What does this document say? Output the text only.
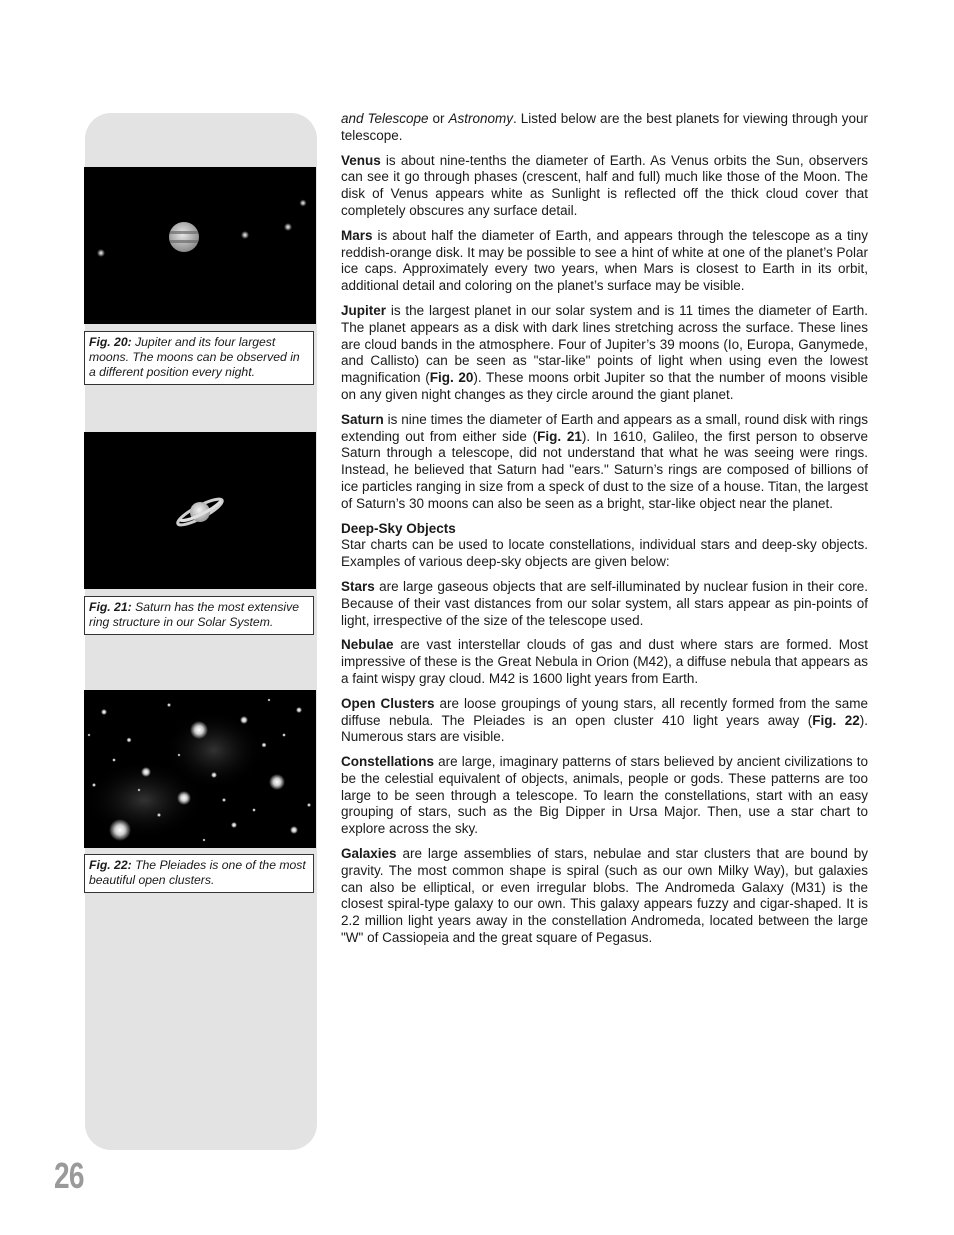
Fig. 20: Jupiter and its four largest moons. The moons can be observed in a different position every night.
Fig. 21: Saturn has the most extensive ring structure in our Solar System.
Fig. 22: The Pleiades is one of the most beautiful open clusters.

and Telescope or Astronomy. Listed below are the best planets for viewing through your telescope.

Venus is about nine-tenths the diameter of Earth. As Venus orbits the Sun, observers can see it go through phases (crescent, half and full) much like those of the Moon. The disk of Venus appears white as Sunlight is reflected off the thick cloud cover that completely obscures any surface detail.

Mars is about half the diameter of Earth, and appears through the telescope as a tiny reddish-orange disk. It may be possible to see a hint of white at one of the planet’s Polar ice caps. Approximately every two years, when Mars is closest to Earth in its orbit, additional detail and coloring on the planet’s surface may be visible.

Jupiter is the largest planet in our solar system and is 11 times the diameter of Earth. The planet appears as a disk with dark lines stretching across the surface. These lines are cloud bands in the atmosphere. Four of Jupiter’s 39 moons (Io, Europa, Ganymede, and Callisto) can be seen as "star-like" points of light when using even the lowest magnification (Fig. 20). These moons orbit Jupiter so that the number of moons visible on any given night changes as they circle around the giant planet.

Saturn is nine times the diameter of Earth and appears as a small, round disk with rings extending out from either side (Fig. 21). In 1610, Galileo, the first person to observe Saturn through a telescope, did not understand that what he was seeing were rings. Instead, he believed that Saturn had "ears." Saturn’s rings are composed of billions of ice particles ranging in size from a speck of dust to the size of a house. Titan, the largest of Saturn’s 30 moons can also be seen as a bright, star-like object near the planet.

Deep-Sky Objects
Star charts can be used to locate constellations, individual stars and deep-sky objects. Examples of various deep-sky objects are given below:

Stars are large gaseous objects that are self-illuminated by nuclear fusion in their core. Because of their vast distances from our solar system, all stars appear as pin-points of light, irrespective of the size of the telescope used.

Nebulae are vast interstellar clouds of gas and dust where stars are formed. Most impressive of these is the Great Nebula in Orion (M42), a diffuse nebula that appears as a faint wispy gray cloud. M42 is 1600 light years from Earth.

Open Clusters are loose groupings of young stars, all recently formed from the same diffuse nebula. The Pleiades is an open cluster 410 light years away (Fig. 22). Numerous stars are visible.

Constellations are large, imaginary patterns of stars believed by ancient civilizations to be the celestial equivalent of objects, animals, people or gods. These patterns are too large to be seen through a telescope. To learn the constellations, start with an easy grouping of stars, such as the Big Dipper in Ursa Major. Then, use a star chart to explore across the sky.

Galaxies are large assemblies of stars, nebulae and star clusters that are bound by gravity. The most common shape is spiral (such as our own Milky Way), but galaxies can also be elliptical, or even irregular blobs. The Andromeda Galaxy (M31) is the closest spiral-type galaxy to our own. This galaxy appears fuzzy and cigar-shaped. It is 2.2 million light years away in the constellation Andromeda, located between the large "W" of Cassiopeia and the great square of Pegasus.

26
